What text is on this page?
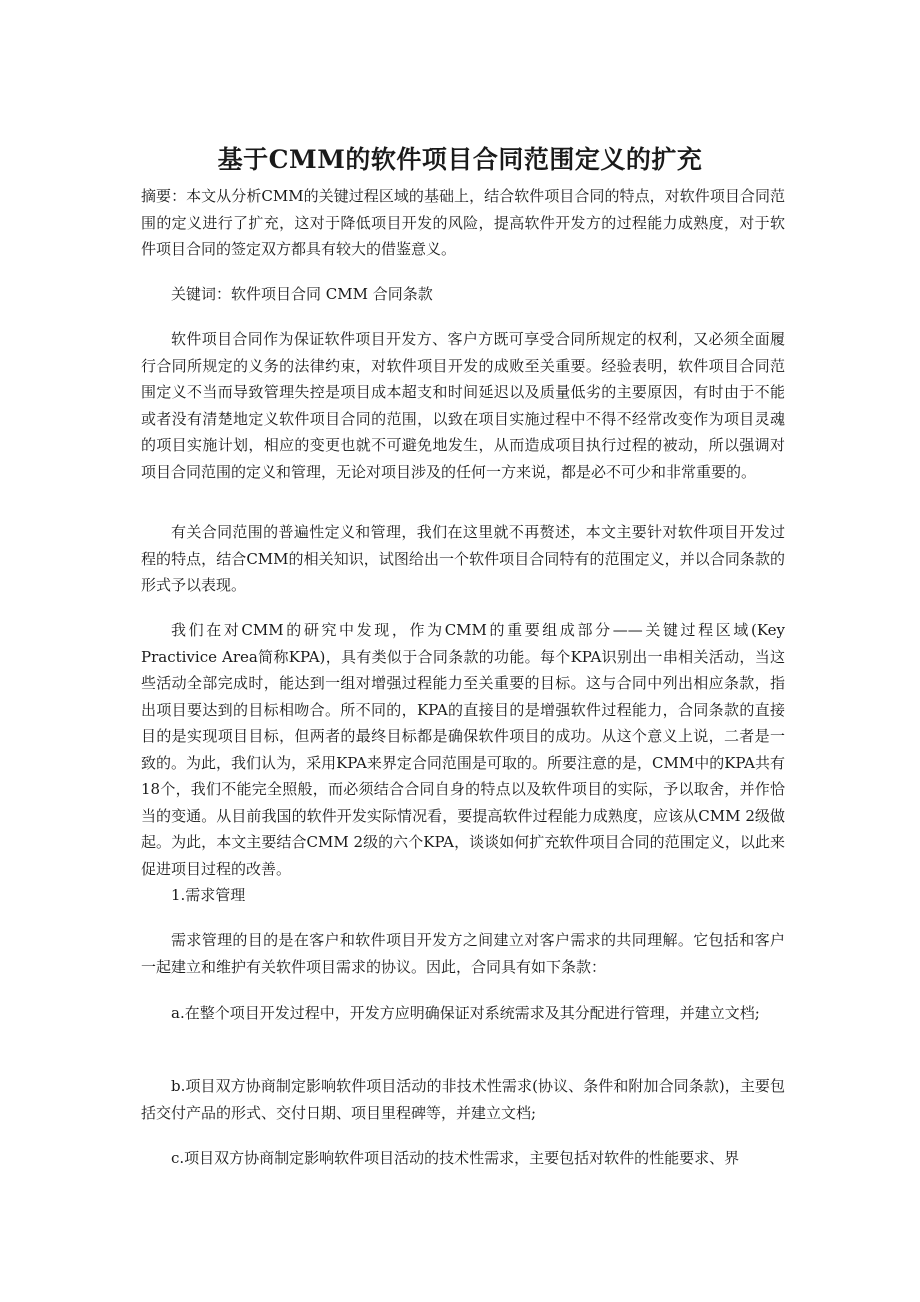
基于CMM的软件项目合同范围定义的扩充

摘要：本文从分析CMM的关键过程区域的基础上，结合软件项目合同的特点，对软件项目合同范围的定义进行了扩充，这对于降低项目开发的风险，提高软件开发方的过程能力成熟度，对于软件项目合同的签定双方都具有较大的借鉴意义。

关键词：软件项目合同 CMM 合同条款

软件项目合同作为保证软件项目开发方、客户方既可享受合同所规定的权利，又必须全面履行合同所规定的义务的法律约束，对软件项目开发的成败至关重要。经验表明，软件项目合同范围定义不当而导致管理失控是项目成本超支和时间延迟以及质量低劣的主要原因，有时由于不能或者没有清楚地定义软件项目合同的范围，以致在项目实施过程中不得不经常改变作为项目灵魂的项目实施计划，相应的变更也就不可避免地发生，从而造成项目执行过程的被动，所以强调对项目合同范围的定义和管理，无论对项目涉及的任何一方来说，都是必不可少和非常重要的。

有关合同范围的普遍性定义和管理，我们在这里就不再赘述，本文主要针对软件项目开发过程的特点，结合CMM的相关知识，试图给出一个软件项目合同特有的范围定义，并以合同条款的形式予以表现。

我们在对CMM的研究中发现，作为CMM的重要组成部分——关键过程区域(Key Practivice Area简称KPA)，具有类似于合同条款的功能。每个KPA识别出一串相关活动，当这些活动全部完成时，能达到一组对增强过程能力至关重要的目标。这与合同中列出相应条款，指出项目要达到的目标相吻合。所不同的，KPA的直接目的是增强软件过程能力，合同条款的直接目的是实现项目目标，但两者的最终目标都是确保软件项目的成功。从这个意义上说，二者是一致的。为此，我们认为，采用KPA来界定合同范围是可取的。所要注意的是，CMM中的KPA共有18个，我们不能完全照般，而必须结合合同自身的特点以及软件项目的实际，予以取舍，并作恰当的变通。从目前我国的软件开发实际情况看，要提高软件过程能力成熟度，应该从CMM 2级做起。为此，本文主要结合CMM 2级的六个KPA，谈谈如何扩充软件项目合同的范围定义，以此来促进项目过程的改善。

1.需求管理

需求管理的目的是在客户和软件项目开发方之间建立对客户需求的共同理解。它包括和客户一起建立和维护有关软件项目需求的协议。因此，合同具有如下条款：

a.在整个项目开发过程中，开发方应明确保证对系统需求及其分配进行管理，并建立文档;

b.项目双方协商制定影响软件项目活动的非技术性需求(协议、条件和附加合同条款)，主要包括交付产品的形式、交付日期、项目里程碑等，并建立文档;

c.项目双方协商制定影响软件项目活动的技术性需求，主要包括对软件的性能要求、界
